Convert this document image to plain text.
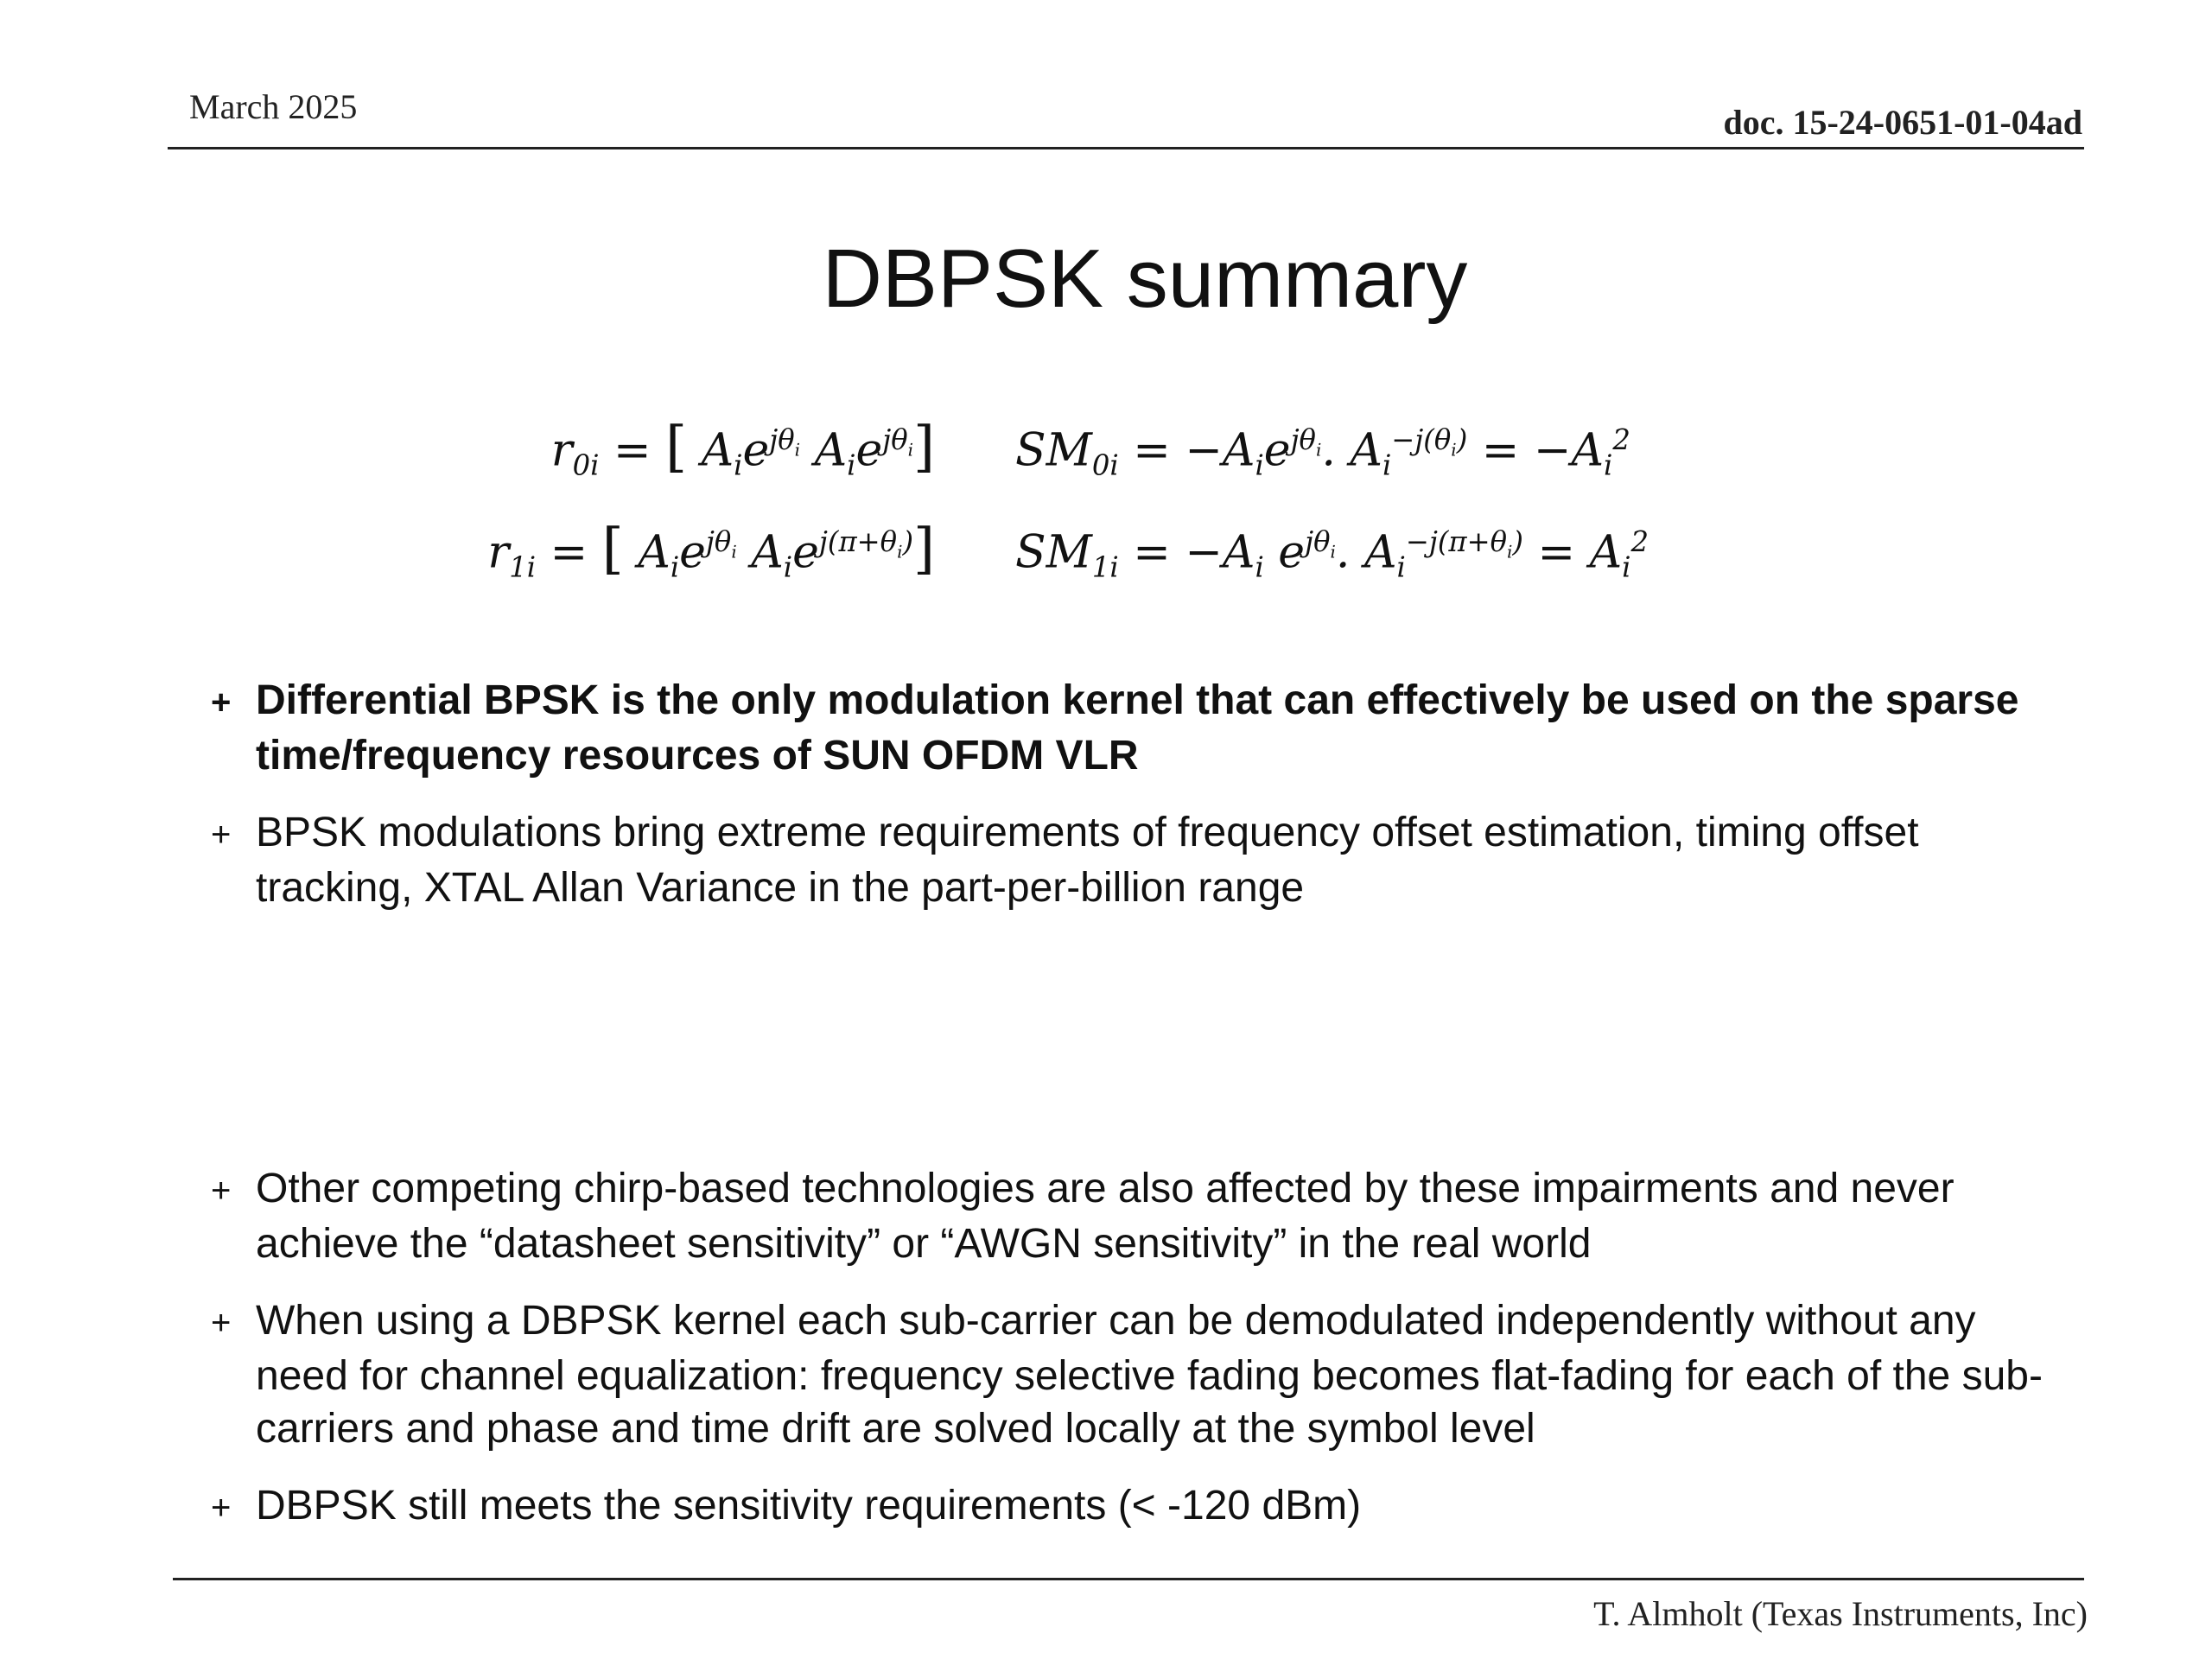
March 2025	doc. 15-24-0651-01-04ad
DBPSK summary
$r_{0i}$ = [ $A_ie^{j\theta_i}$ $A_ie^{j\theta_i}$]
$r_{1i}$ = [ $A_ie^{j\theta_i}$ $A_ie^{j(\pi+\theta_i)}$]
$SM_{0i} = -A_ie^{j\theta_i}$. $A_i^{-j(\theta_i)} = -A_i^2$
$SM_{1i} = -A_i$ $e^{j\theta_i}$. $A_i^{-j(\pi+\theta_i)} = A_i^2$

+ Differential BPSK is the only modulation kernel that can effectively be used on the sparse time/frequency resources of SUN OFDM VLR

+ BPSK modulations bring extreme requirements of frequency offset estimation, timing offset tracking, XTAL Allan Variance in the part-per-billion range

+ Other competing chirp-based technologies are also affected by these impairments and never achieve the “datasheet sensitivity” or “AWGN sensitivity” in the real world

+ When using a DBPSK kernel each sub-carrier can be demodulated independently without any need for channel equalization: frequency selective fading becomes flat-fading for each of the sub-carriers and phase and time drift are solved locally at the symbol level

+ DBPSK still meets the sensitivity requirements (< -120 dBm)

T. Almholt (Texas Instruments, Inc)
